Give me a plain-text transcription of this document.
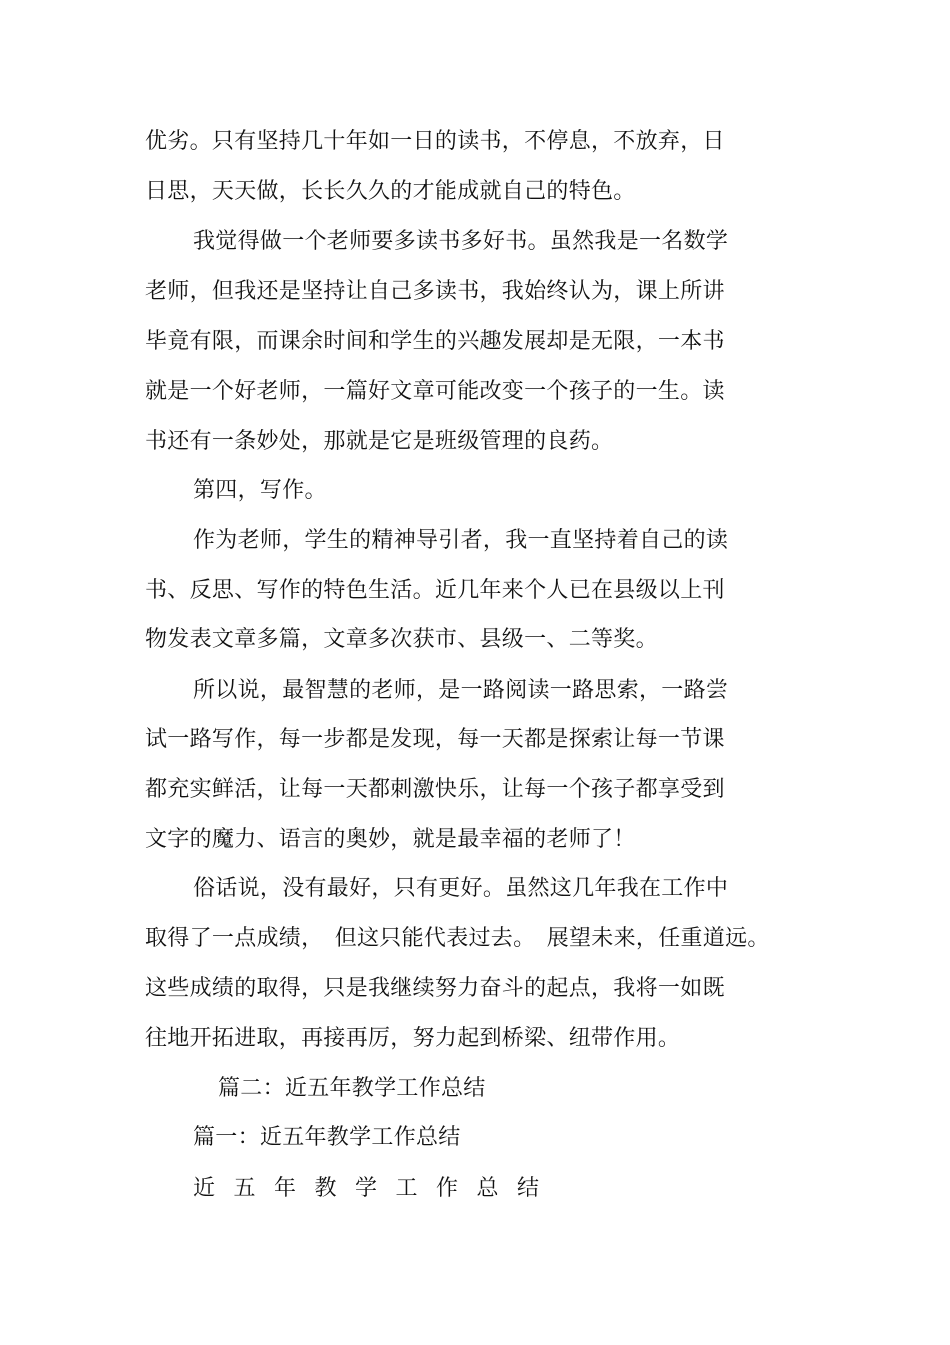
优劣。只有坚持几十年如一日的读书，不停息，不放弃，日
日思，天天做，长长久久的才能成就自己的特色。
我觉得做一个老师要多读书多好书。虽然我是一名数学
老师，但我还是坚持让自己多读书，我始终认为，课上所讲
毕竟有限，而课余时间和学生的兴趣发展却是无限，一本书
就是一个好老师，一篇好文章可能改变一个孩子的一生。读
书还有一条妙处，那就是它是班级管理的良药。
第四，写作。
作为老师，学生的精神导引者，我一直坚持着自己的读
书、反思、写作的特色生活。近几年来个人已在县级以上刊
物发表文章多篇，文章多次获市、县级一、二等奖。
所以说，最智慧的老师，是一路阅读一路思索，一路尝
试一路写作，每一步都是发现，每一天都是探索让每一节课
都充实鲜活，让每一天都刺激快乐，让每一个孩子都享受到
文字的魔力、语言的奥妙，就是最幸福的老师了！
俗话说，没有最好，只有更好。虽然这几年我在工作中
取得了一点成绩，　但这只能代表过去。　展望未来，任重道远。
这些成绩的取得，只是我继续努力奋斗的起点，我将一如既
往地开拓进取，再接再厉，努力起到桥梁、纽带作用。
篇二：近五年教学工作总结
篇一：近五年教学工作总结
近五年教学工作总结
